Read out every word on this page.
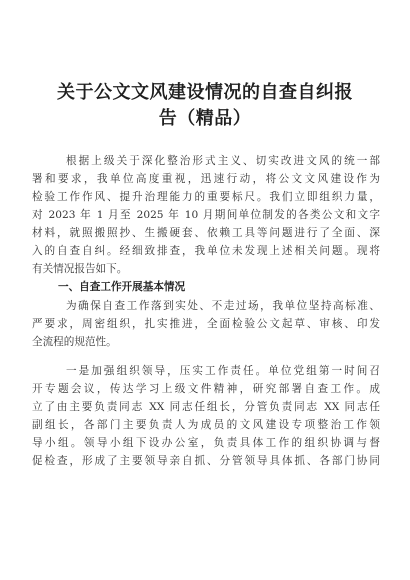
关于公文文风建设情况的自查自纠报
告（精品）
根据上级关于深化整治形式主义、切实改进文风的统一部
署和要求，我单位高度重视，迅速行动，将公文文风建设作为
检验工作作风、提升治理能力的重要标尺。我们立即组织力量，
对 2023 年 1 月至 2025 年 10 月期间单位制发的各类公文和文字
材料，就照搬照抄、生搬硬套、依赖工具等问题进行了全面、深
入的自查自纠。经细致排查，我单位未发现上述相关问题。现将
有关情况报告如下。
一、自查工作开展基本情况
为确保自查工作落到实处、不走过场，我单位坚持高标准、
严要求，周密组织，扎实推进，全面检验公文起草、审核、印发
全流程的规范性。
一是加强组织领导，压实工作责任。单位党组第一时间召
开专题会议，传达学习上级文件精神，研究部署自查工作。成
立了由主要负责同志 XX 同志任组长，分管负责同志 XX 同志任
副组长，各部门主要负责人为成员的文风建设专项整治工作领
导小组。领导小组下设办公室，负责具体工作的组织协调与督
促检查，形成了主要领导亲自抓、分管领导具体抓、各部门协同
